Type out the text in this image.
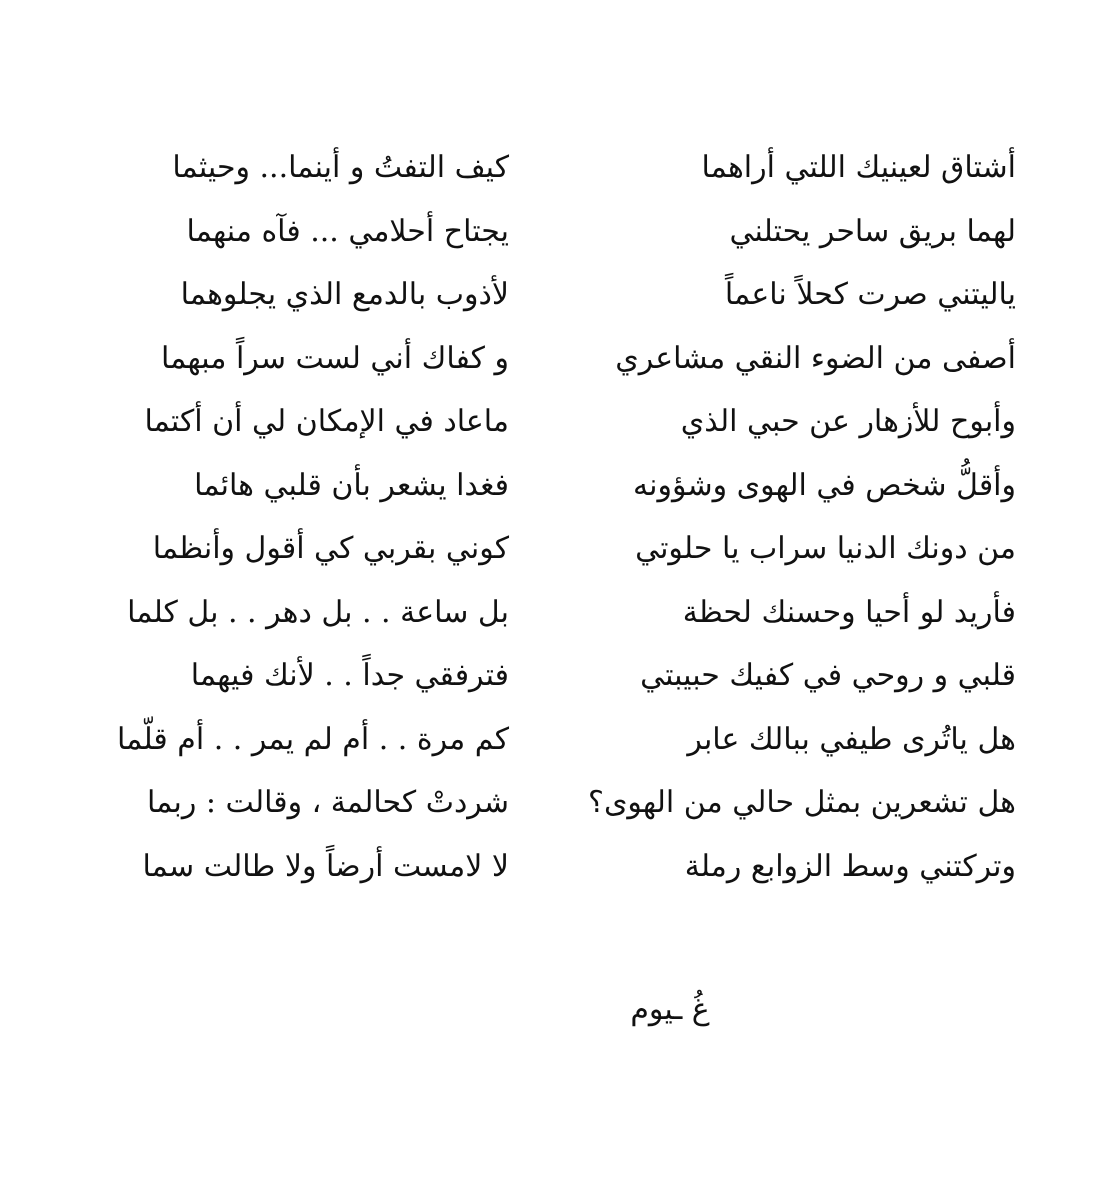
أشتاق لعينيك اللتي أراهما
لهما بريق ساحر يحتلني
ياليتني صرت كحلاً ناعماً
أصفى من الضوء النقي مشاعري
وأبوح للأزهار عن حبي الذي
وأقلُّ شخص في الهوى وشؤونه
من دونك الدنيا سراب يا حلوتي
فأريد لو أحيا وحسنك لحظة
قلبي و روحي في كفيك حبيبتي
هل ياتُرى طيفي ببالك عابر
هل تشعرين بمثل حالي من الهوى؟
وتركتني وسط الزوابع رملة
كيف التفتُ و أينما... وحيثما
يجتاح أحلامي ... فآه منهما
لأذوب بالدمع الذي يجلوهما
و كفاك أني لست سراً مبهما
ماعاد في الإمكان لي أن أكتما
فغدا يشعر بأن قلبي هائما
كوني بقربي كي أقول وأنظما
بل ساعة . . بل دهر . . بل كلما
فترفقي جداً . . لأنك فيهما
كم مرة . . أم لم يمر . . أم قلّما
شردتْ كحالمة ، وقالت : ربما
لا لامست أرضاً ولا طالت سما
غُ ـيوم
